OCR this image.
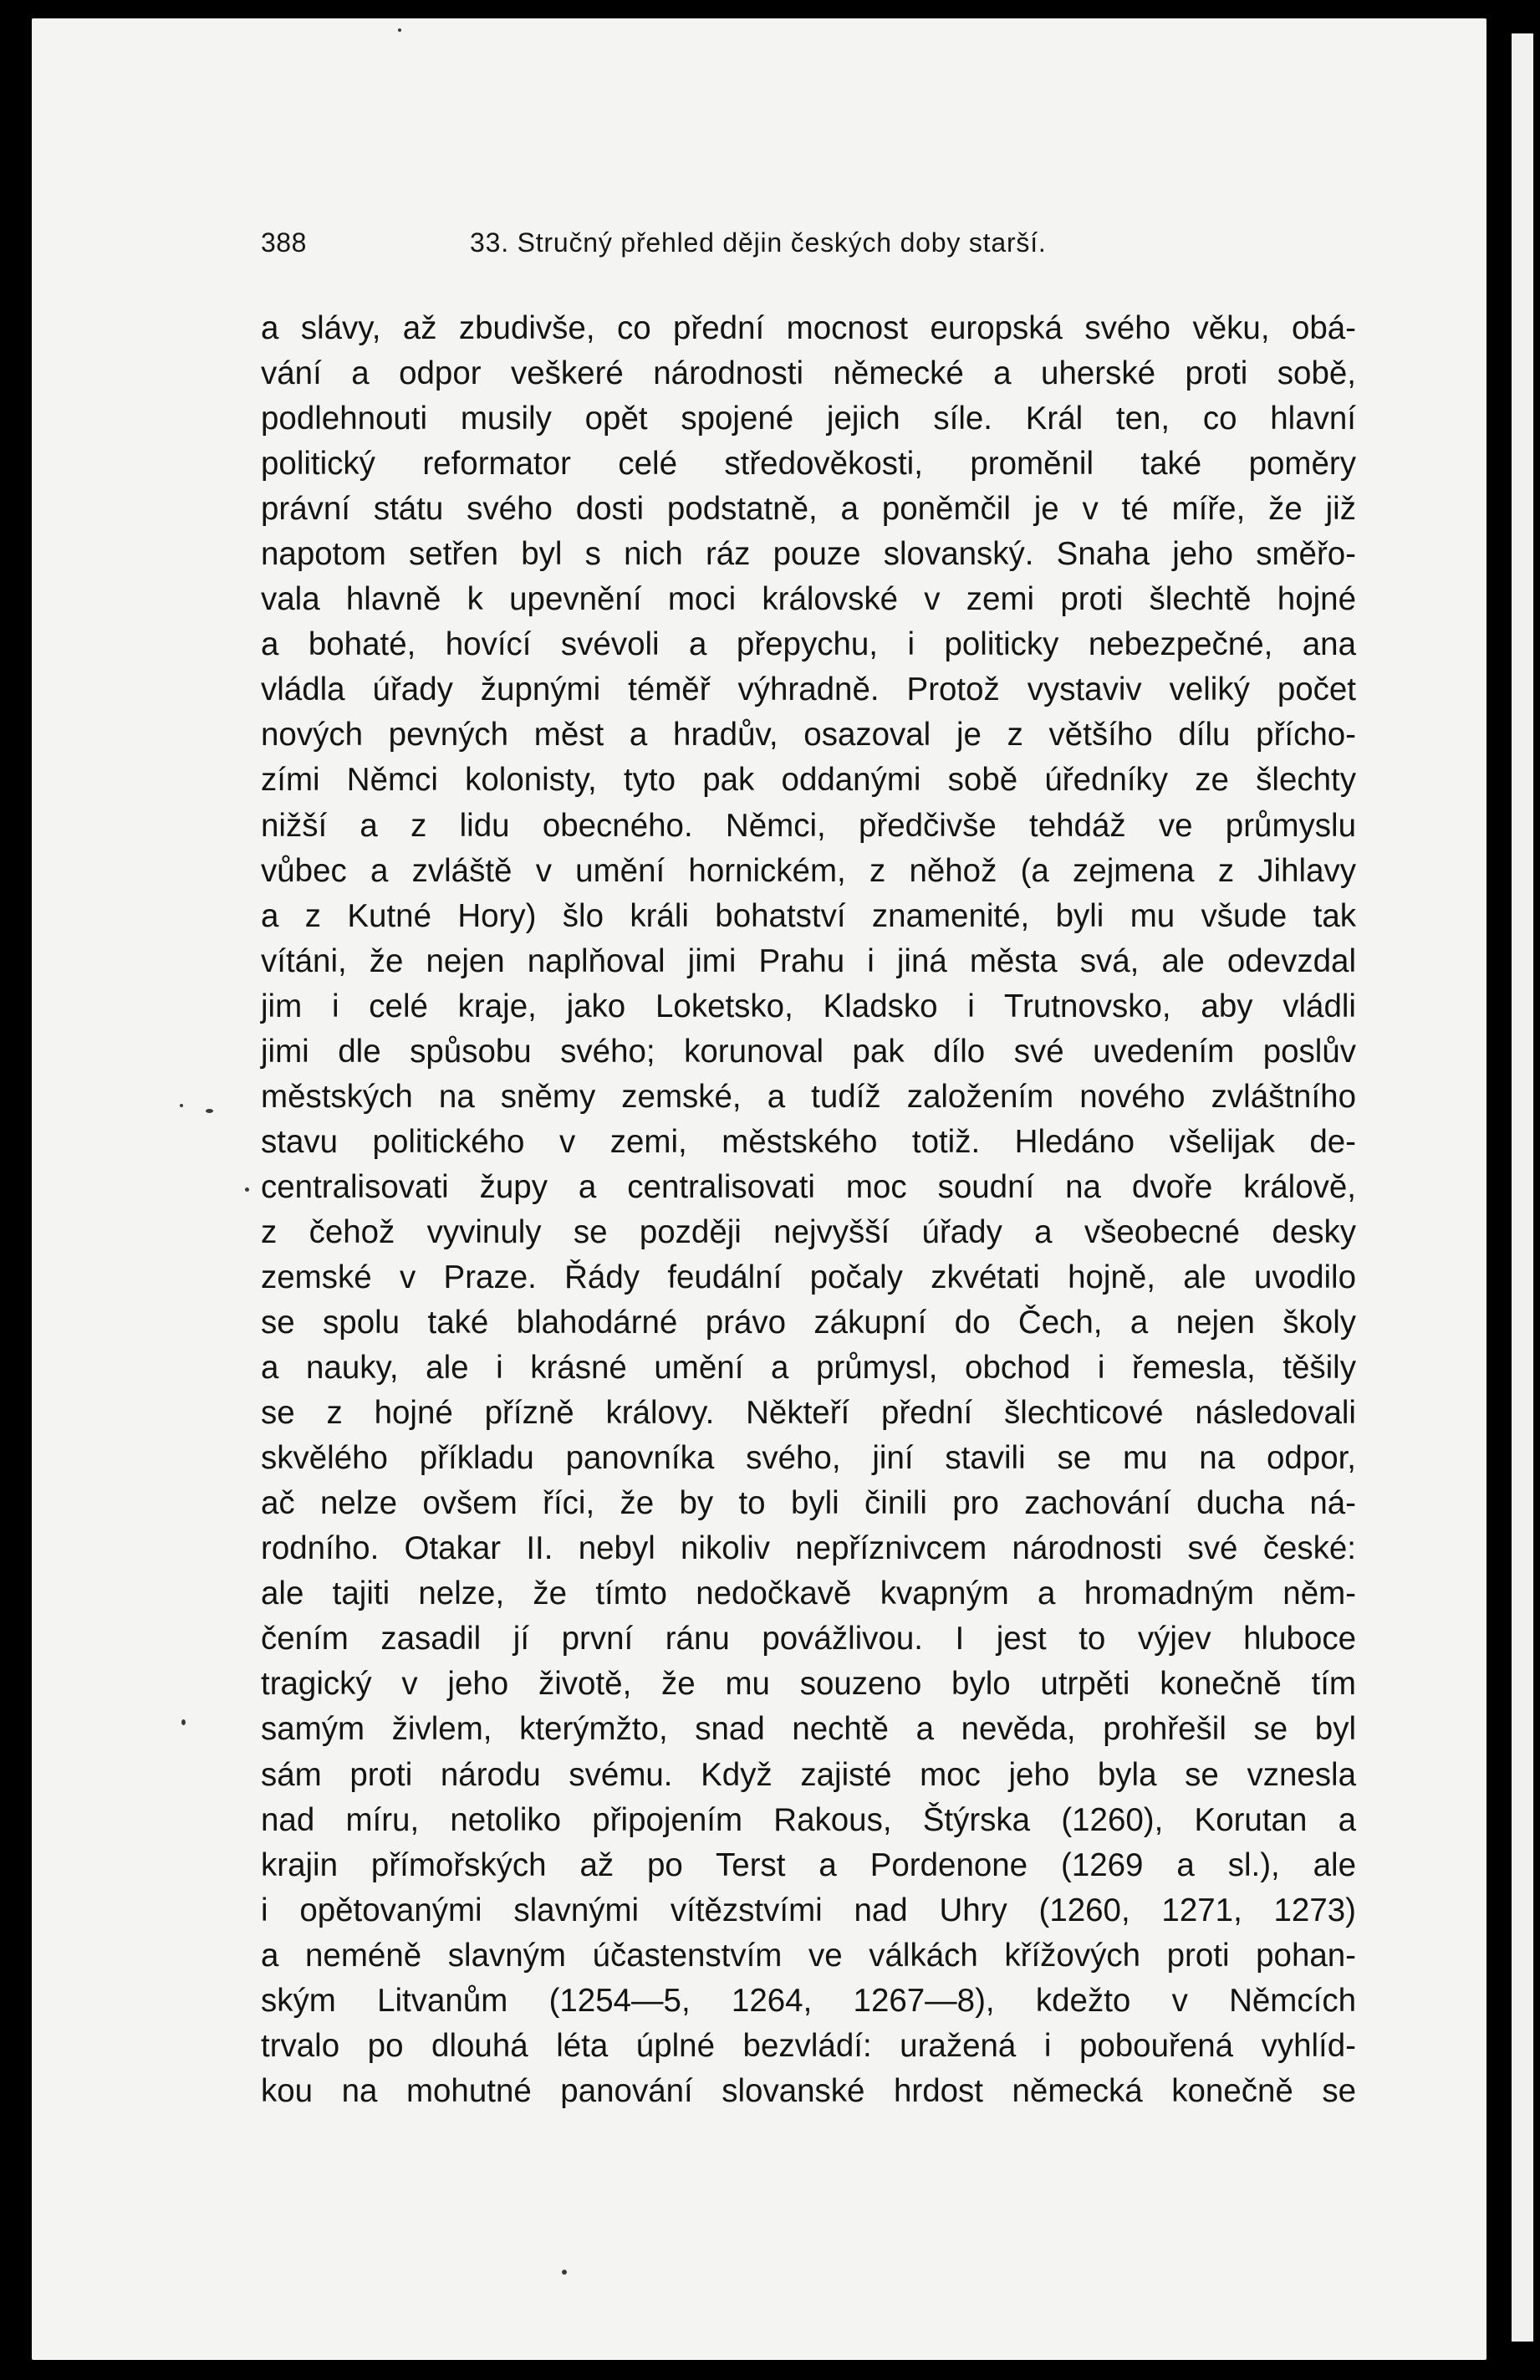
388	33. Stručný přehled dějin českých doby starší.
a slávy, až zbudivše, co přední mocnost europská svého věku, obá-
vání a odpor veškeré národnosti německé a uherské proti sobě,
podlehnouti musily opět spojené jejich síle. Král ten, co hlavní
politický reformator celé středověkosti, proměnil také poměry
právní státu svého dosti podstatně, a poněmčil je v té míře, že již
napotom setřen byl s nich ráz pouze slovanský. Snaha jeho směřo-
vala hlavně k upevnění moci královské v zemi proti šlechtě hojné
a bohaté, hovící svévoli a přepychu, i politicky nebezpečné, ana
vládla úřady župnými téměř výhradně. Protož vystaviv veliký počet
nových pevných měst a hradův, osazoval je z většího dílu přícho-
zími Němci kolonisty, tyto pak oddanými sobě úředníky ze šlechty
nižší a z lidu obecného. Němci, předčivše tehdáž ve průmyslu
vůbec a zvláště v umění hornickém, z něhož (a zejmena z Jihlavy
a z Kutné Hory) šlo králi bohatství znamenité, byli mu všude tak
vítáni, že nejen naplňoval jimi Prahu i jiná města svá, ale odevzdal
jim i celé kraje, jako Loketsko, Kladsko i Trutnovsko, aby vládli
jimi dle spůsobu svého; korunoval pak dílo své uvedením poslův
městských na sněmy zemské, a tudíž založením nového zvláštního
stavu politického v zemi, městského totiž. Hledáno všelijak de-
centralisovati župy a centralisovati moc soudní na dvoře královĕ,
z čehož vyvinuly se později nejvyšší úřady a všeobecné desky
zemské v Praze. Řády feudální počaly zkvétati hojně, ale uvodilo
se spolu také blahodárné právo zákupní do Čech, a nejen školy
a nauky, ale i krásné umění a průmysl, obchod i řemesla, těšily
se z hojné přízně královy. Někteří přední šlechticové následovali
skvělého příkladu panovníka svého, jiní stavili se mu na odpor,
ač nelze ovšem říci, že by to byli činili pro zachování ducha ná-
rodního. Otakar II. nebyl nikoliv nepříznivcem národnosti své české:
ale tajiti nelze, že tímto nedočkavě kvapným a hromadným něm-
čením zasadil jí první ránu povážlivou. I jest to výjev hluboce
tragický v jeho životě, že mu souzeno bylo utrpěti konečně tím
samým živlem, kterýmžto, snad nechtě a nevěda, prohřešil se byl
sám proti národu svému. Když zajisté moc jeho byla se vznesla
nad míru, netoliko připojením Rakous, Štýrska (1260), Korutan a
krajin přímořských až po Terst a Pordenone (1269 a sl.), ale
i opětovanými slavnými vítězstvími nad Uhry (1260, 1271, 1273)
a neméně slavným účastenstvím ve válkách křížových proti pohan-
ským Litvanům (1254—5, 1264, 1267—8), kdežto v Němcích
trvalo po dlouhá léta úplné bezvládí: uražená i pobouřená vyhlíd-
kou na mohutné panování slovanské hrdost německá konečně se
